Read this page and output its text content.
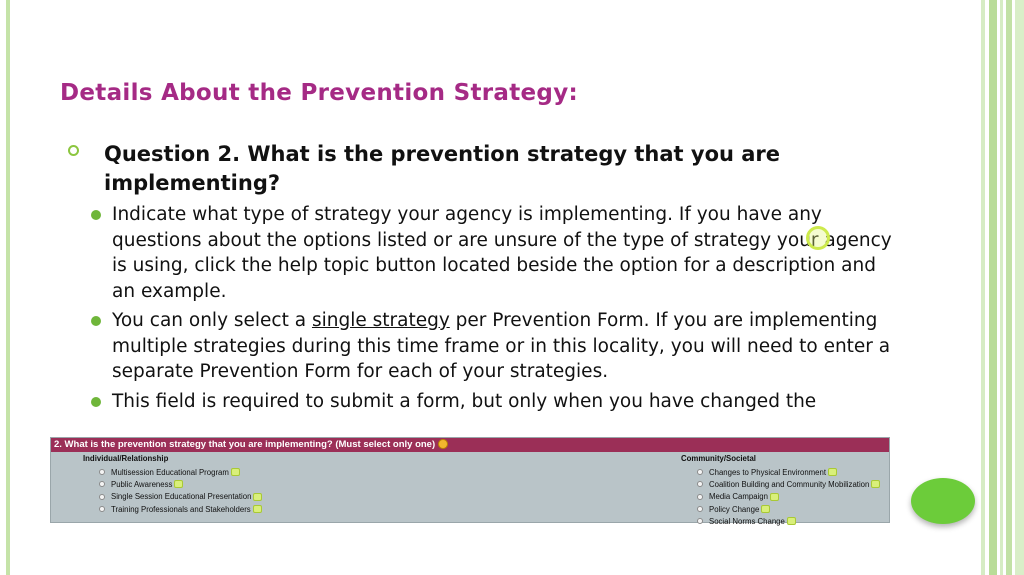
Details About the Prevention Strategy:
Question 2. What is the prevention strategy that you are implementing?
Indicate what type of strategy your agency is implementing. If you have any questions about the options listed or are unsure of the type of strategy your agency is using, click the help topic button located beside the option for a description and an example.
You can only select a single strategy per Prevention Form. If you are implementing multiple strategies during this time frame or in this locality, you will need to enter a separate Prevention Form for each of your strategies.
This field is required to submit a form, but only when you have changed the
2. What is the prevention strategy that you are implementing? (Must select only one)
Individual/Relationship
Multisession Educational Program
Public Awareness
Single Session Educational Presentation
Training Professionals and Stakeholders
Community/Societal
Changes to Physical Environment
Coalition Building and Community Mobilization
Media Campaign
Policy Change
Social Norms Change
